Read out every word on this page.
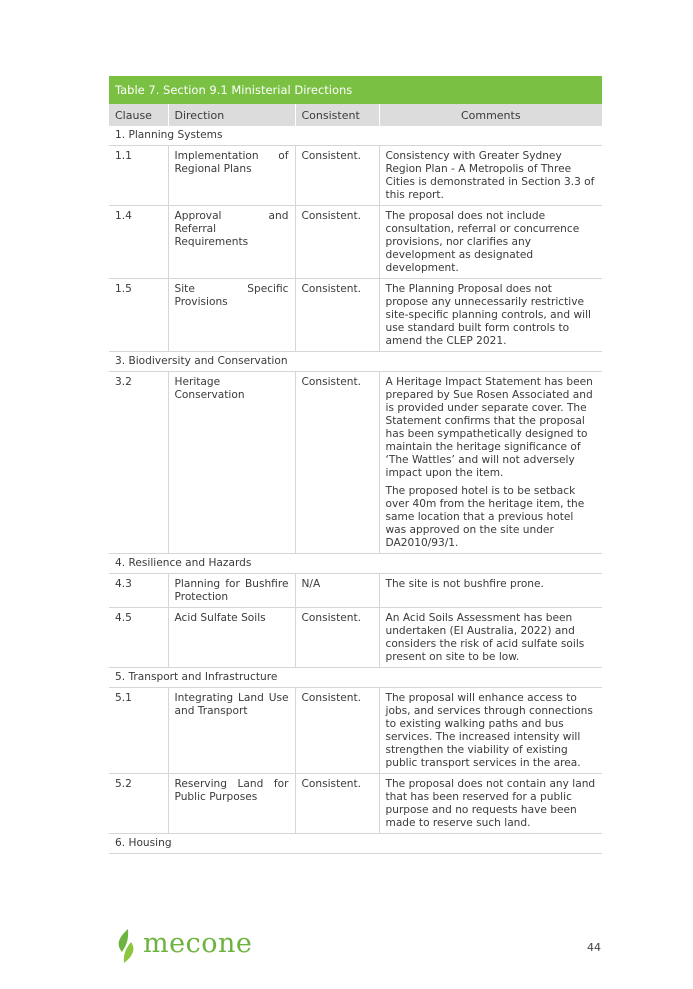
Table 7. Section 9.1 Ministerial Directions			
Clause	Direction	Consistent	Comments
1. Planning Systems			
1.1	Implementation of Regional Plans	Consistent.	Consistency with Greater Sydney Region Plan - A Metropolis of Three Cities is demonstrated in Section 3.3 of this report.

1.4	Approval and Referral Requirements	Consistent.	The proposal does not include consultation, referral or concurrence provisions, nor clarifies any development as designated development.

1.5	Site Specific Provisions	Consistent.	The Planning Proposal does not propose any unnecessarily restrictive site-specific planning controls, and will use standard built form controls to amend the CLEP 2021.

3. Biodiversity and Conservation			
3.2	Heritage Conservation	Consistent.	A Heritage Impact Statement has been prepared by Sue Rosen Associated and is provided under separate cover. The Statement confirms that the proposal has been sympathetically designed to maintain the heritage significance of ‘The Wattles’ and will not adversely impact upon the item.

The proposed hotel is to be setback over 40m from the heritage item, the same location that a previous hotel was approved on the site under DA2010/93/1.

4. Resilience and Hazards			
4.3	Planning for Bushfire Protection	N/A	The site is not bushfire prone.

4.5	Acid Sulfate Soils	Consistent.	An Acid Soils Assessment has been undertaken (EI Australia, 2022) and considers the risk of acid sulfate soils present on site to be low.

5. Transport and Infrastructure			
5.1	Integrating Land Use and Transport	Consistent.	The proposal will enhance access to jobs, and services through connections to existing walking paths and bus services. The increased intensity will strengthen the viability of existing public transport services in the area.

5.2	Reserving Land for Public Purposes	Consistent.	The proposal does not contain any land that has been reserved for a public purpose and no requests have been made to reserve such land.

6. Housing			
mecone	44
